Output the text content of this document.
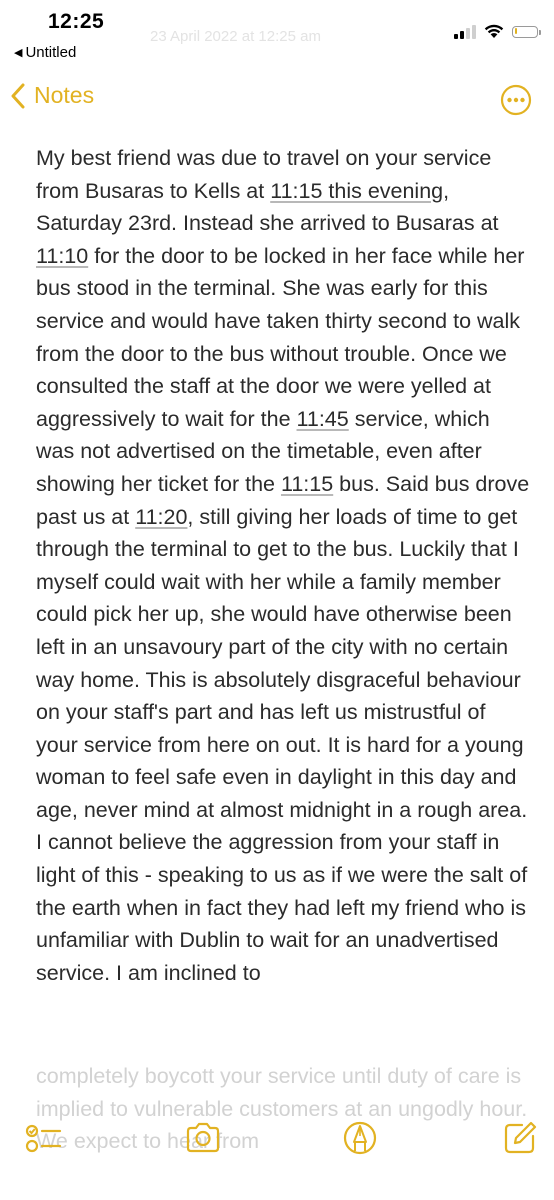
12:25
◀ Untitled
23 April 2022 at 12:25 am
Notes
My best friend was due to travel on your service from Busaras to Kells at 11:15 this evening, Saturday 23rd. Instead she arrived to Busaras at 11:10 for the door to be locked in her face while her bus stood in the terminal. She was early for this service and would have taken thirty second to walk from the door to the bus without trouble. Once we consulted the staff at the door we were yelled at aggressively to wait for the 11:45 service, which was not advertised on the timetable, even after showing her ticket for the 11:15 bus. Said bus drove past us at 11:20, still giving her loads of time to get through the terminal to get to the bus. Luckily that I myself could wait with her while a family member could pick her up, she would have otherwise been left in an unsavoury part of the city with no certain way home. This is absolutely disgraceful behaviour on your staff's part and has left us mistrustful of your service from here on out. It is hard for a young woman to feel safe even in daylight in this day and age, never mind at almost midnight in a rough area. I cannot believe the aggression from your staff in light of this - speaking to us as if we were the salt of the earth when in fact they had left my friend who is unfamiliar with Dublin to wait for an unadvertised service. I am inclined to
completely boycott your service until duty of care is implied to vulnerable customers at an ungodly hour. We expect to hear from
